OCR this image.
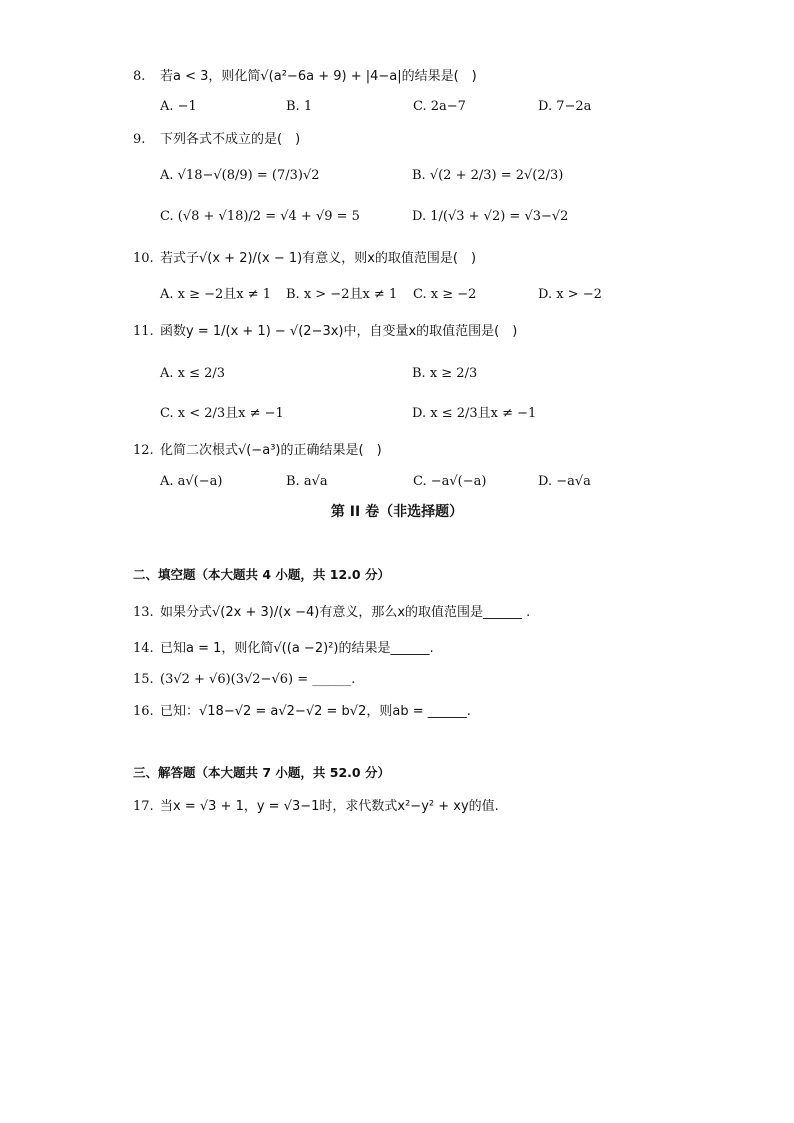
8. 若a < 3，则化简√(a²−6a + 9) + |4−a|的结果是(　)
A. −1	B. 1	C. 2a−7	D. 7−2a
9. 下列各式不成立的是(　)
A. √18−√(8/9) = (7/3)√2	B. √(2 + 2/3) = 2√(2/3)
C. (√8 + √18)/2 = √4 + √9 = 5	D. 1/(√3 + √2) = √3−√2
10. 若式子√(x + 2)/(x − 1)有意义，则x的取值范围是(　)
A. x ≥ −2且x ≠ 1 B. x > −2且x ≠ 1 C. x ≥ −2	D. x > −2
11. 函数y = 1/(x + 1) − √(2−3x)中，自变量x的取值范围是(　)
A. x ≤ 2/3	B. x ≥ 2/3
C. x < 2/3且x ≠ −1	D. x ≤ 2/3且x ≠ −1
12. 化简二次根式√(−a³)的正确结果是(　)
A. a√(−a)	B. a√a	C. −a√(−a)	D. −a√a
第 II 卷（非选择题）
二、填空题（本大题共 4 小题，共 12.0 分）
13. 如果分式√(2x + 3)/(x −4)有意义，那么x的取值范围是______ .
14. 已知a = 1，则化简√((a −2)²)的结果是______.
15. (3√2 + √6)(3√2−√6) = ______.
16. 已知：√18−√2 = a√2−√2 = b√2，则ab = ______.
三、解答题（本大题共 7 小题，共 52.0 分）
17. 当x = √3 + 1，y = √3−1时，求代数式x²−y² + xy的值.
